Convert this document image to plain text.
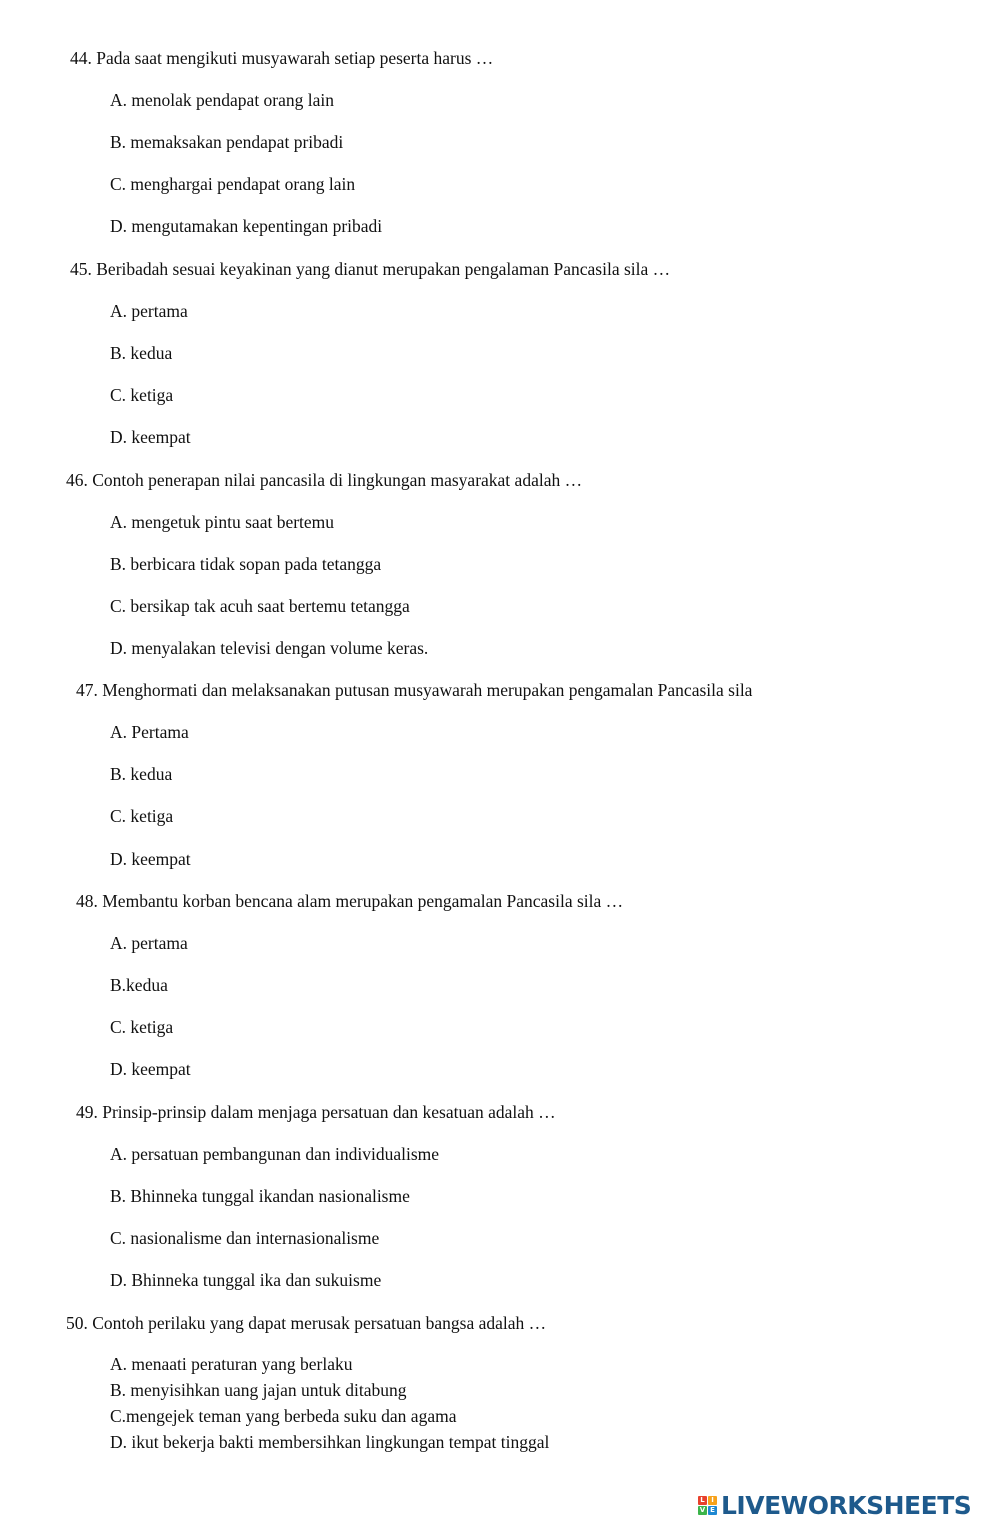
44. Pada saat mengikuti musyawarah setiap peserta harus …
A. menolak pendapat orang lain
B. memaksakan pendapat pribadi
C. menghargai pendapat orang lain
D. mengutamakan kepentingan pribadi
45. Beribadah sesuai keyakinan yang dianut merupakan pengalaman Pancasila sila …
A. pertama
B. kedua
C. ketiga
D. keempat
46. Contoh penerapan nilai pancasila di lingkungan masyarakat adalah …
A. mengetuk pintu saat bertemu
B. berbicara tidak sopan pada tetangga
C. bersikap tak acuh saat bertemu tetangga
D. menyalakan televisi dengan volume keras.
47. Menghormati dan melaksanakan putusan musyawarah merupakan pengamalan Pancasila sila
A. Pertama
B. kedua
C. ketiga
D. keempat
48. Membantu korban bencana alam merupakan pengamalan Pancasila sila …
A. pertama
B.kedua
C. ketiga
D. keempat
49. Prinsip-prinsip dalam menjaga persatuan dan kesatuan adalah …
A. persatuan pembangunan dan individualisme
B. Bhinneka tunggal ikandan nasionalisme
C. nasionalisme dan internasionalisme
D. Bhinneka tunggal ika dan sukuisme
50. Contoh perilaku yang dapat merusak persatuan bangsa adalah …
A. menaati peraturan yang berlaku
B. menyisihkan uang jajan untuk ditabung
C.mengejek teman yang berbeda suku dan agama
D. ikut bekerja bakti membersihkan lingkungan tempat tinggal
L I
V E LIVEWORKSHEETS
